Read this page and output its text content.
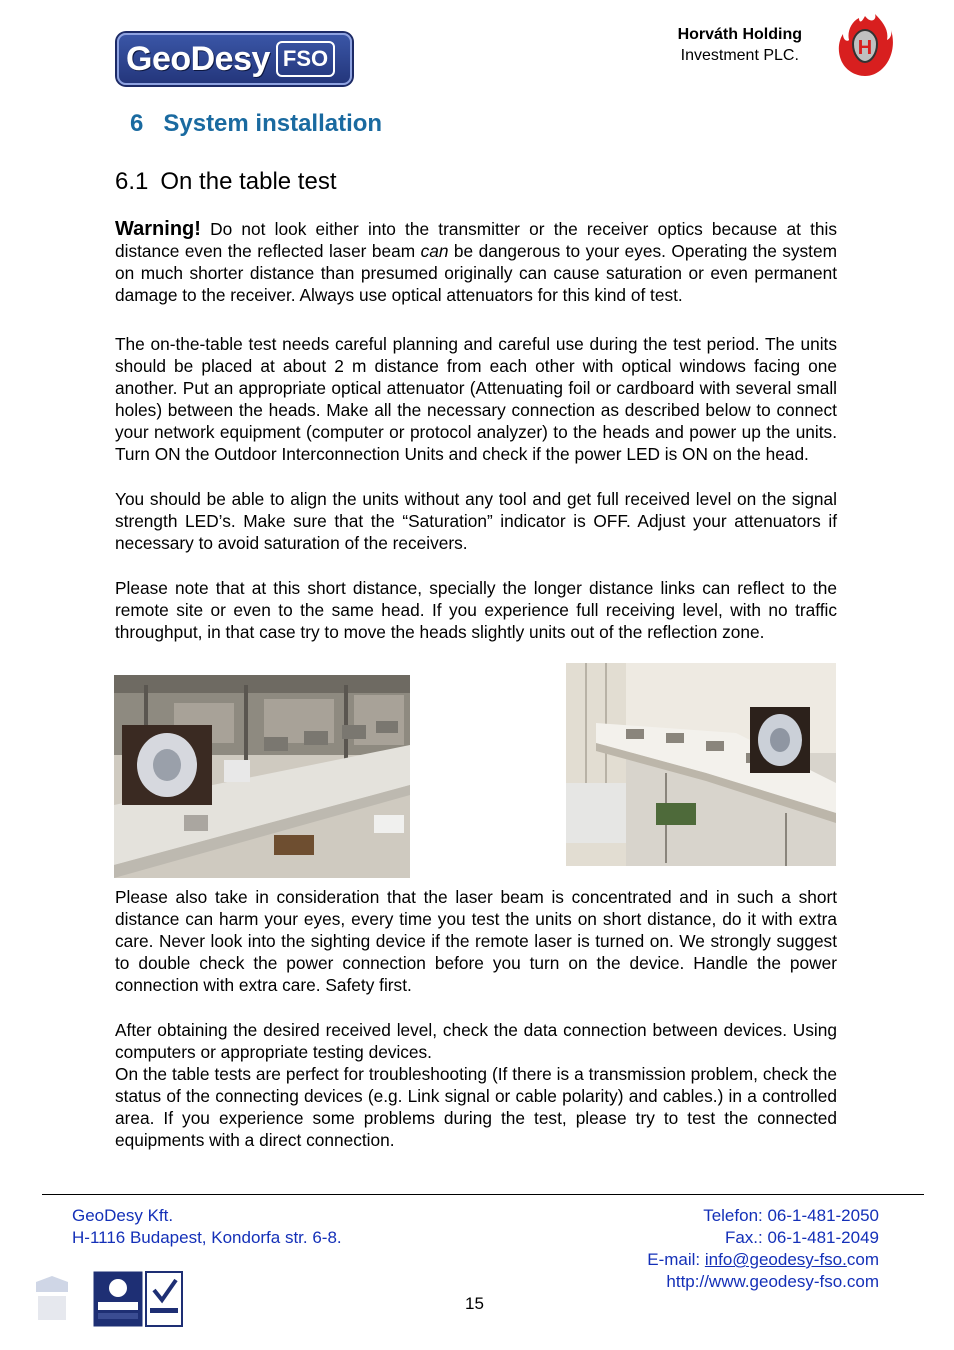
GeoDesy FSO
Horváth Holding
Investment PLC.	H
6 System installation
6.1 On the table test

Warning! Do not look either into the transmitter or the receiver optics because at this distance even the reflected laser beam can be dangerous to your eyes. Operating the system on much shorter distance than presumed originally can cause saturation or even permanent damage to the receiver. Always use optical attenuators for this kind of test.

The on-the-table test needs careful planning and careful use during the test period. The units should be placed at about 2 m distance from each other with optical windows facing one another. Put an appropriate optical attenuator (Attenuating foil or cardboard with several small holes) between the heads. Make all the necessary connection as described below to connect your network equipment (computer or protocol analyzer) to the heads and power up the units. Turn ON the Outdoor Interconnection Units and check if the power LED is ON on the head.

You should be able to align the units without any tool and get full received level on the signal strength LED’s. Make sure that the “Saturation” indicator is OFF. Adjust your attenuators if necessary to avoid saturation of the receivers.

Please note that at this short distance, specially the longer distance links can reflect to the remote site or even to the same head. If you experience full receiving level, with no traffic throughput, in that case try to move the heads slightly units out of the reflection zone.

Please also take in consideration that the laser beam is concentrated and in such a short distance can harm your eyes, every time you test the units on short distance, do it with extra care. Never look into the sighting device if the remote laser is turned on. We strongly suggest to double check the power connection before you turn on the device. Handle the power connection with extra care. Safety first.

After obtaining the desired received level, check the data connection between devices. Using computers or appropriate testing devices.

On the table tests are perfect for troubleshooting (If there is a transmission problem, check the status of the connecting devices (e.g. Link signal or cable polarity) and cables.) in a controlled area. If you experience some problems during the test, please try to test the connected equipments with a direct connection.

GeoDesy Kft.
H-1116 Budapest, Kondorfa str. 6-8.
Telefon: 06-1-481-2050
Fax.: 06-1-481-2049
E-mail: info@geodesy-fso.com
http://www.geodesy-fso.com
15
